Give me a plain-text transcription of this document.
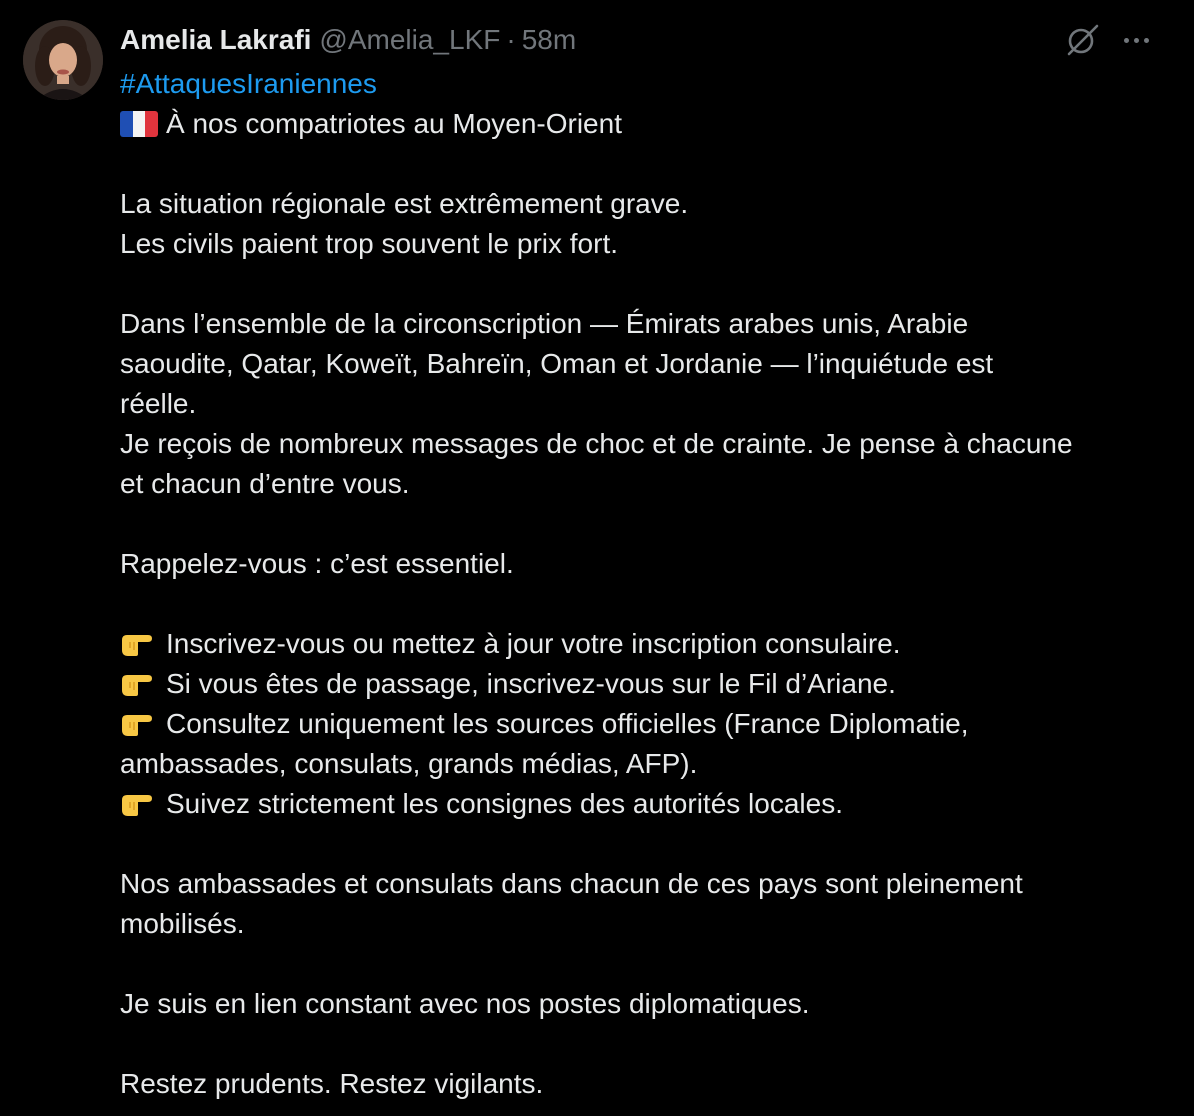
Amelia Lakrafi @Amelia_LKF · 58m
#AttaquesIraniennes
À nos compatriotes au Moyen-Orient
La situation régionale est extrêmement grave.
Les civils paient trop souvent le prix fort.
Dans l’ensemble de la circonscription — Émirats arabes unis, Arabie
saoudite, Qatar, Koweït, Bahreïn, Oman et Jordanie — l’inquiétude est
réelle.
Je reçois de nombreux messages de choc et de crainte. Je pense à chacune
et chacun d’entre vous.
Rappelez-vous : c’est essentiel.
Inscrivez-vous ou mettez à jour votre inscription consulaire.
Si vous êtes de passage, inscrivez-vous sur le Fil d’Ariane.
Consultez uniquement les sources officielles (France Diplomatie,
ambassades, consulats, grands médias, AFP).
Suivez strictement les consignes des autorités locales.
Nos ambassades et consulats dans chacun de ces pays sont pleinement
mobilisés.
Je suis en lien constant avec nos postes diplomatiques.
Restez prudents. Restez vigilants.
